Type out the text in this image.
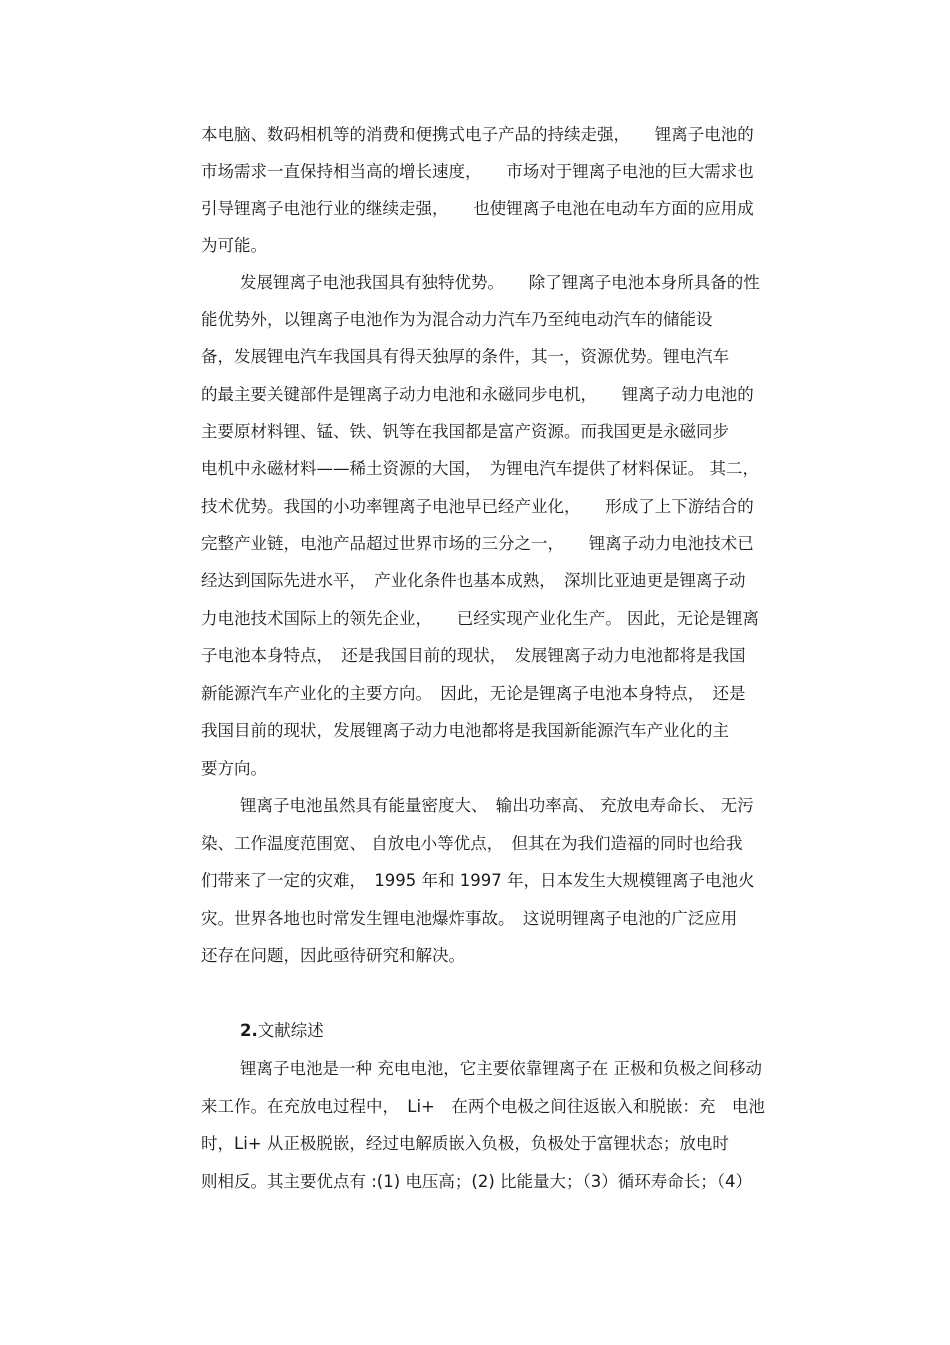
本电脑、数码相机等的消费和便携式电子产品的持续走强，　　锂离子电池的
市场需求一直保持相当高的增长速度，　　市场对于锂离子电池的巨大需求也
引导锂离子电池行业的继续走强，　　也使锂离子电池在电动车方面的应用成
为可能。
发展锂离子电池我国具有独特优势。　　除了锂离子电池本身所具备的性
能优势外，以锂离子电池作为为混合动力汽车乃至纯电动汽车的储能设
备，发展锂电汽车我国具有得天独厚的条件，其一，资源优势。锂电汽车
的最主要关键部件是锂离子动力电池和永磁同步电机，　　锂离子动力电池的
主要原材料锂、锰、铁、钒等在我国都是富产资源。而我国更是永磁同步
电机中永磁材料——稀土资源的大国，　为锂电汽车提供了材料保证。 其二，
技术优势。我国的小功率锂离子电池早已经产业化，　　形成了上下游结合的
完整产业链，电池产品超过世界市场的三分之一，　　锂离子动力电池技术已
经达到国际先进水平，　产业化条件也基本成熟，　深圳比亚迪更是锂离子动
力电池技术国际上的领先企业，　　已经实现产业化生产。 因此，无论是锂离
子电池本身特点，　还是我国目前的现状，　发展锂离子动力电池都将是我国
新能源汽车产业化的主要方向。　因此，无论是锂离子电池本身特点，　还是
我国目前的现状，发展锂离子动力电池都将是我国新能源汽车产业化的主
要方向。
锂离子电池虽然具有能量密度大、　输出功率高、 充放电寿命长、 无污
染、工作温度范围宽、 自放电小等优点，　但其在为我们造福的同时也给我
们带来了一定的灾难，　1995 年和 1997 年，日本发生大规模锂离子电池火
灾。世界各地也时常发生锂电池爆炸事故。　这说明锂离子电池的广泛应用
还存在问题，因此亟待研究和解决。
2.文献综述
锂离子电池是一种 充电电池，它主要依靠锂离子在 正极和负极之间移动
来工作。在充放电过程中，　Li+　在两个电极之间往返嵌入和脱嵌：充　电池
时，Li+ 从正极脱嵌，经过电解质嵌入负极，负极处于富锂状态；放电时
则相反。其主要优点有 :(1) 电压高；(2) 比能量大；（3）循环寿命长；（4）
